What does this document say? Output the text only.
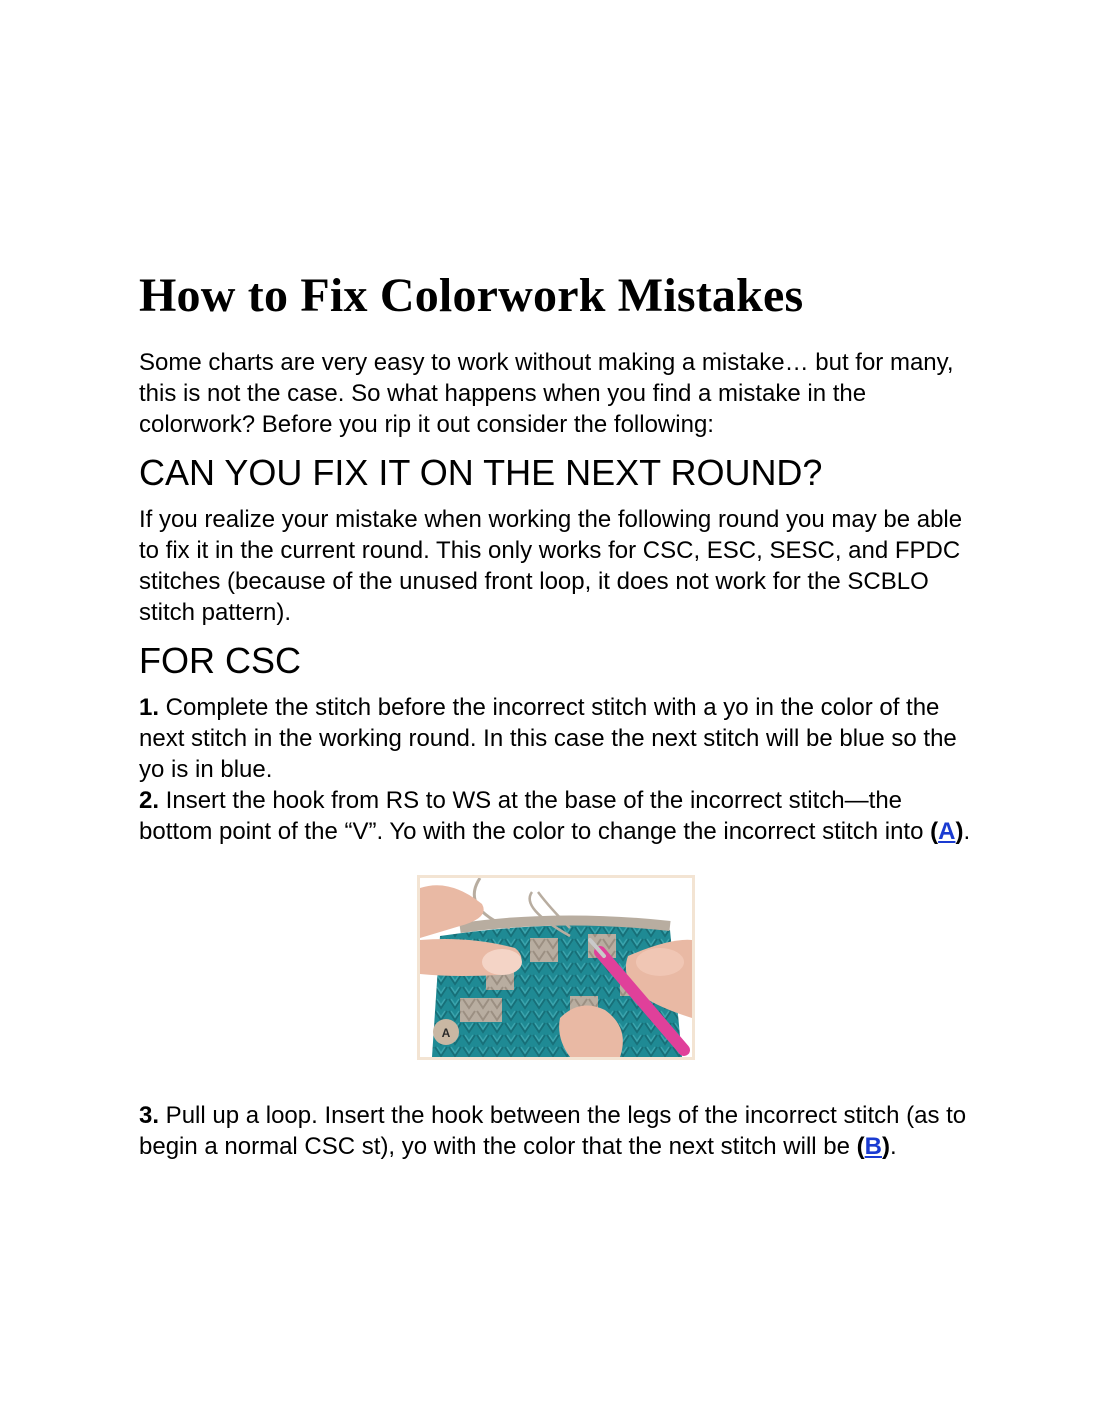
How to Fix Colorwork Mistakes

Some charts are very easy to work without making a mistake… but for many, this is not the case. So what happens when you find a mistake in the colorwork? Before you rip it out consider the following:

CAN YOU FIX IT ON THE NEXT ROUND?

If you realize your mistake when working the following round you may be able to fix it in the current round. This only works for CSC, ESC, SESC, and FPDC stitches (because of the unused front loop, it does not work for the SCBLO stitch pattern).

FOR CSC

1. Complete the stitch before the incorrect stitch with a yo in the color of the next stitch in the working round. In this case the next stitch will be blue so the yo is in blue.

2. Insert the hook from RS to WS at the base of the incorrect stitch—the bottom point of the “V”. Yo with the color to change the incorrect stitch into (A).

A

3. Pull up a loop. Insert the hook between the legs of the incorrect stitch (as to begin a normal CSC st), yo with the color that the next stitch will be (B).
